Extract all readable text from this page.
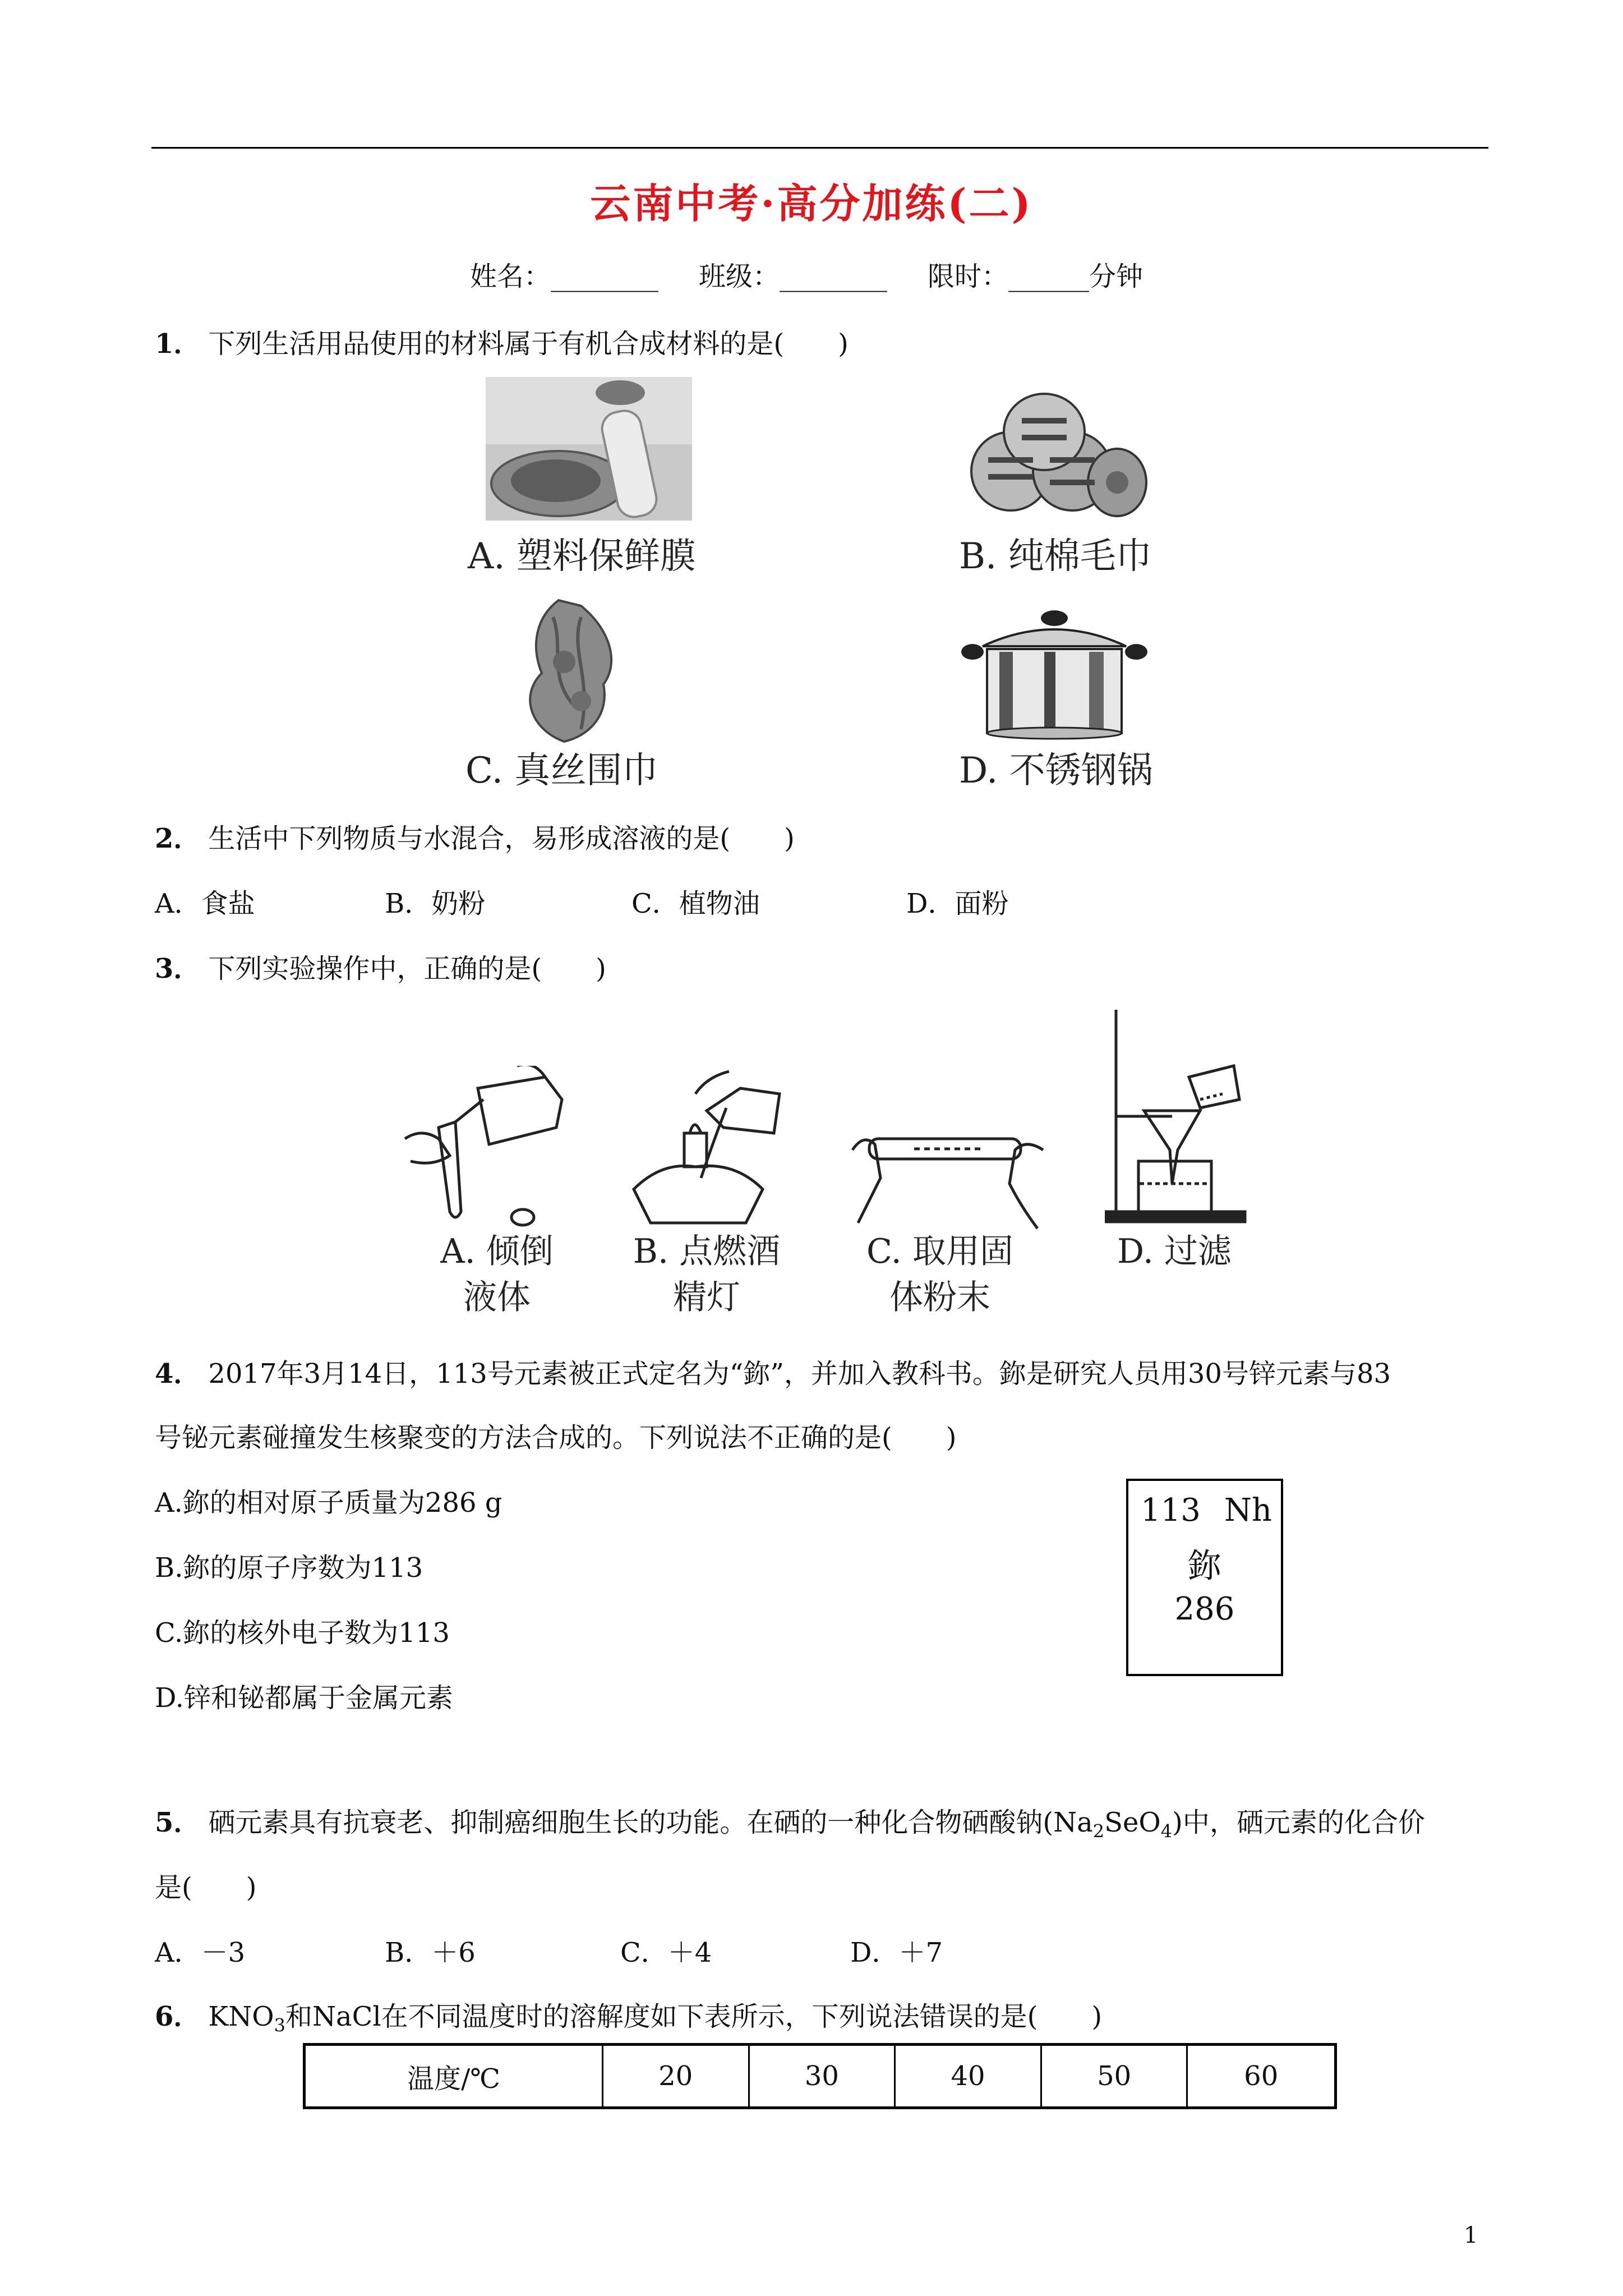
云南中考·高分加练(二)
姓名：________ 班级：________ 限时：______分钟
1． 下列生活用品使用的材料属于有机合成材料的是(　　)
A. 塑料保鲜膜	B. 纯棉毛巾
C. 真丝围巾	D. 不锈钢锅
2． 生活中下列物质与水混合，易形成溶液的是(　　)
A．食盐	B．奶粉	C．植物油	D．面粉
3． 下列实验操作中，正确的是(　　)
A. 倾倒
液体
B. 点燃酒
精灯
C. 取用固
体粉末
D. 过滤
4． 2017年3月14日，113号元素被正式定名为“鉨”，并加入教科书。鉨是研究人员用30号锌元素与83
号铋元素碰撞发生核聚变的方法合成的。下列说法不正确的是(　　)
A.鉨的相对原子质量为286 g
B.鉨的原子序数为113
C.鉨的核外电子数为113
D.锌和铋都属于金属元素
113 Nh
鉨
286
5． 硒元素具有抗衰老、抑制癌细胞生长的功能。在硒的一种化合物硒酸钠$(Na_2SeO_4)$中，硒元素的化合价
是(　　)
A．－3	B．＋6	C．＋4	D．＋7
6． $KNO_3$和NaCl在不同温度时的溶解度如下表所示，下列说法错误的是(　　)
温度/℃	20	30	40	50	60
1
